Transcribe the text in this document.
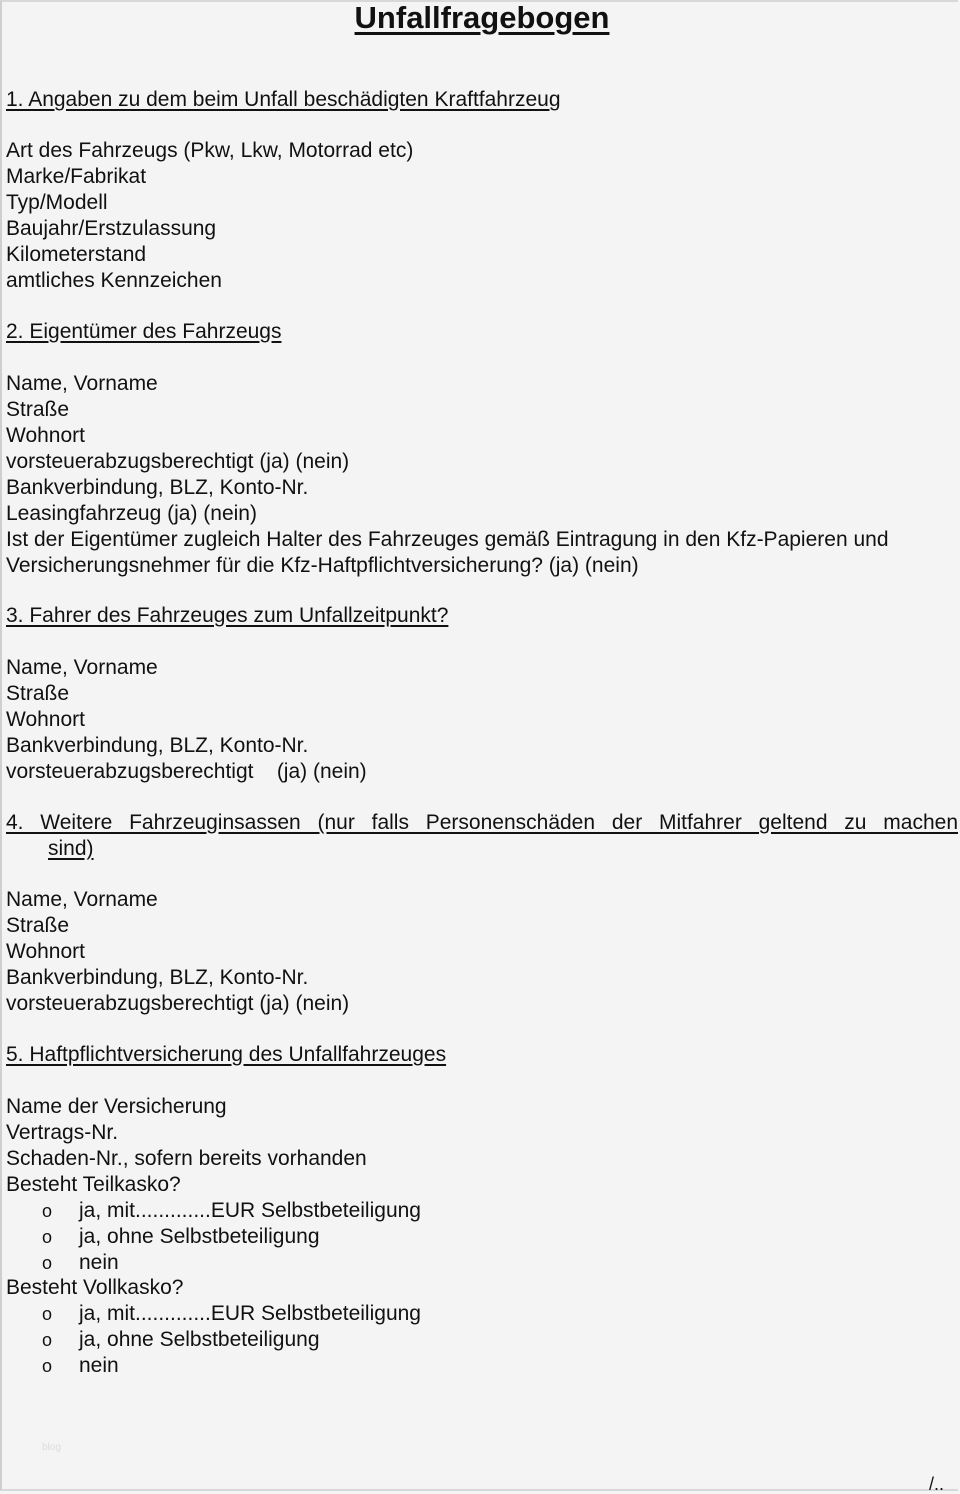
Unfallfragebogen
1. Angaben zu dem beim Unfall beschädigten Kraftfahrzeug
Art des Fahrzeugs (Pkw, Lkw, Motorrad etc)
Marke/Fabrikat
Typ/Modell
Baujahr/Erstzulassung
Kilometerstand
amtliches Kennzeichen
2. Eigentümer des Fahrzeugs
Name, Vorname
Straße
Wohnort
vorsteuerabzugsberechtigt (ja) (nein)
Bankverbindung, BLZ, Konto-Nr.
Leasingfahrzeug (ja) (nein)
Ist der Eigentümer zugleich Halter des Fahrzeuges gemäß Eintragung in den Kfz-Papieren und
Versicherungsnehmer für die Kfz-Haftpflichtversicherung? (ja) (nein)
3. Fahrer des Fahrzeuges zum Unfallzeitpunkt?
Name, Vorname
Straße
Wohnort
Bankverbindung, BLZ, Konto-Nr.
vorsteuerabzugsberechtigt    (ja) (nein)
4. Weitere Fahrzeuginsassen (nur falls Personenschäden der Mitfahrer geltend zu machen
sind)
Name, Vorname
Straße
Wohnort
Bankverbindung, BLZ, Konto-Nr.
vorsteuerabzugsberechtigt (ja) (nein)
5. Haftpflichtversicherung des Unfallfahrzeuges
Name der Versicherung
Vertrags-Nr.
Schaden-Nr., sofern bereits vorhanden
Besteht Teilkasko?
o ja, mit.............EUR Selbstbeteiligung
o ja, ohne Selbstbeteiligung
o nein
Besteht Vollkasko?
o ja, mit.............EUR Selbstbeteiligung
o ja, ohne Selbstbeteiligung
o nein
blog
/..
